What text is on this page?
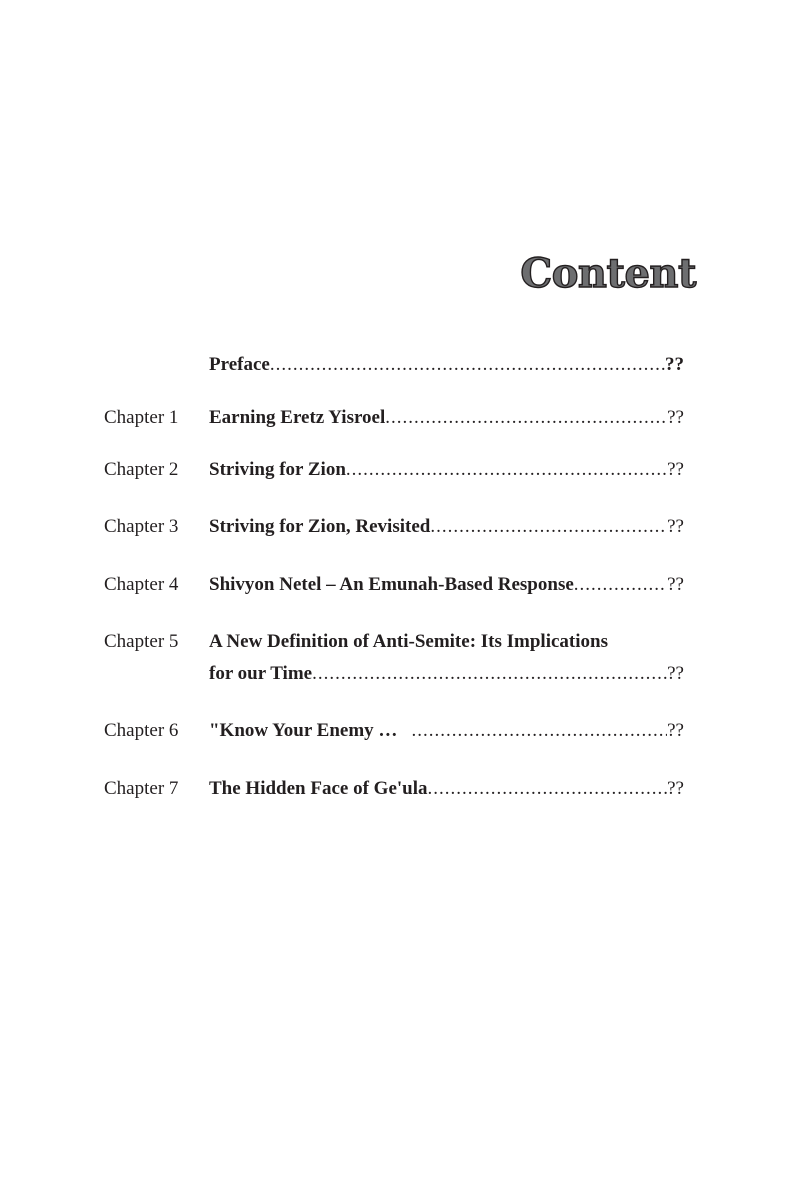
Content
Preface .....	??
Chapter 1	Earning Eretz Yisroel .....	??
Chapter 2	Striving for Zion .....	??
Chapter 3	Striving for Zion, Revisited .....	??
Chapter 4	Shivyon Netel – An Emunah-Based Response .....	??
Chapter 5	A New Definition of Anti-Semite: Its Implications
for our Time .....	??
Chapter 6	"Know Your Enemy … .....	??
Chapter 7	The Hidden Face of Ge'ula .....	??
